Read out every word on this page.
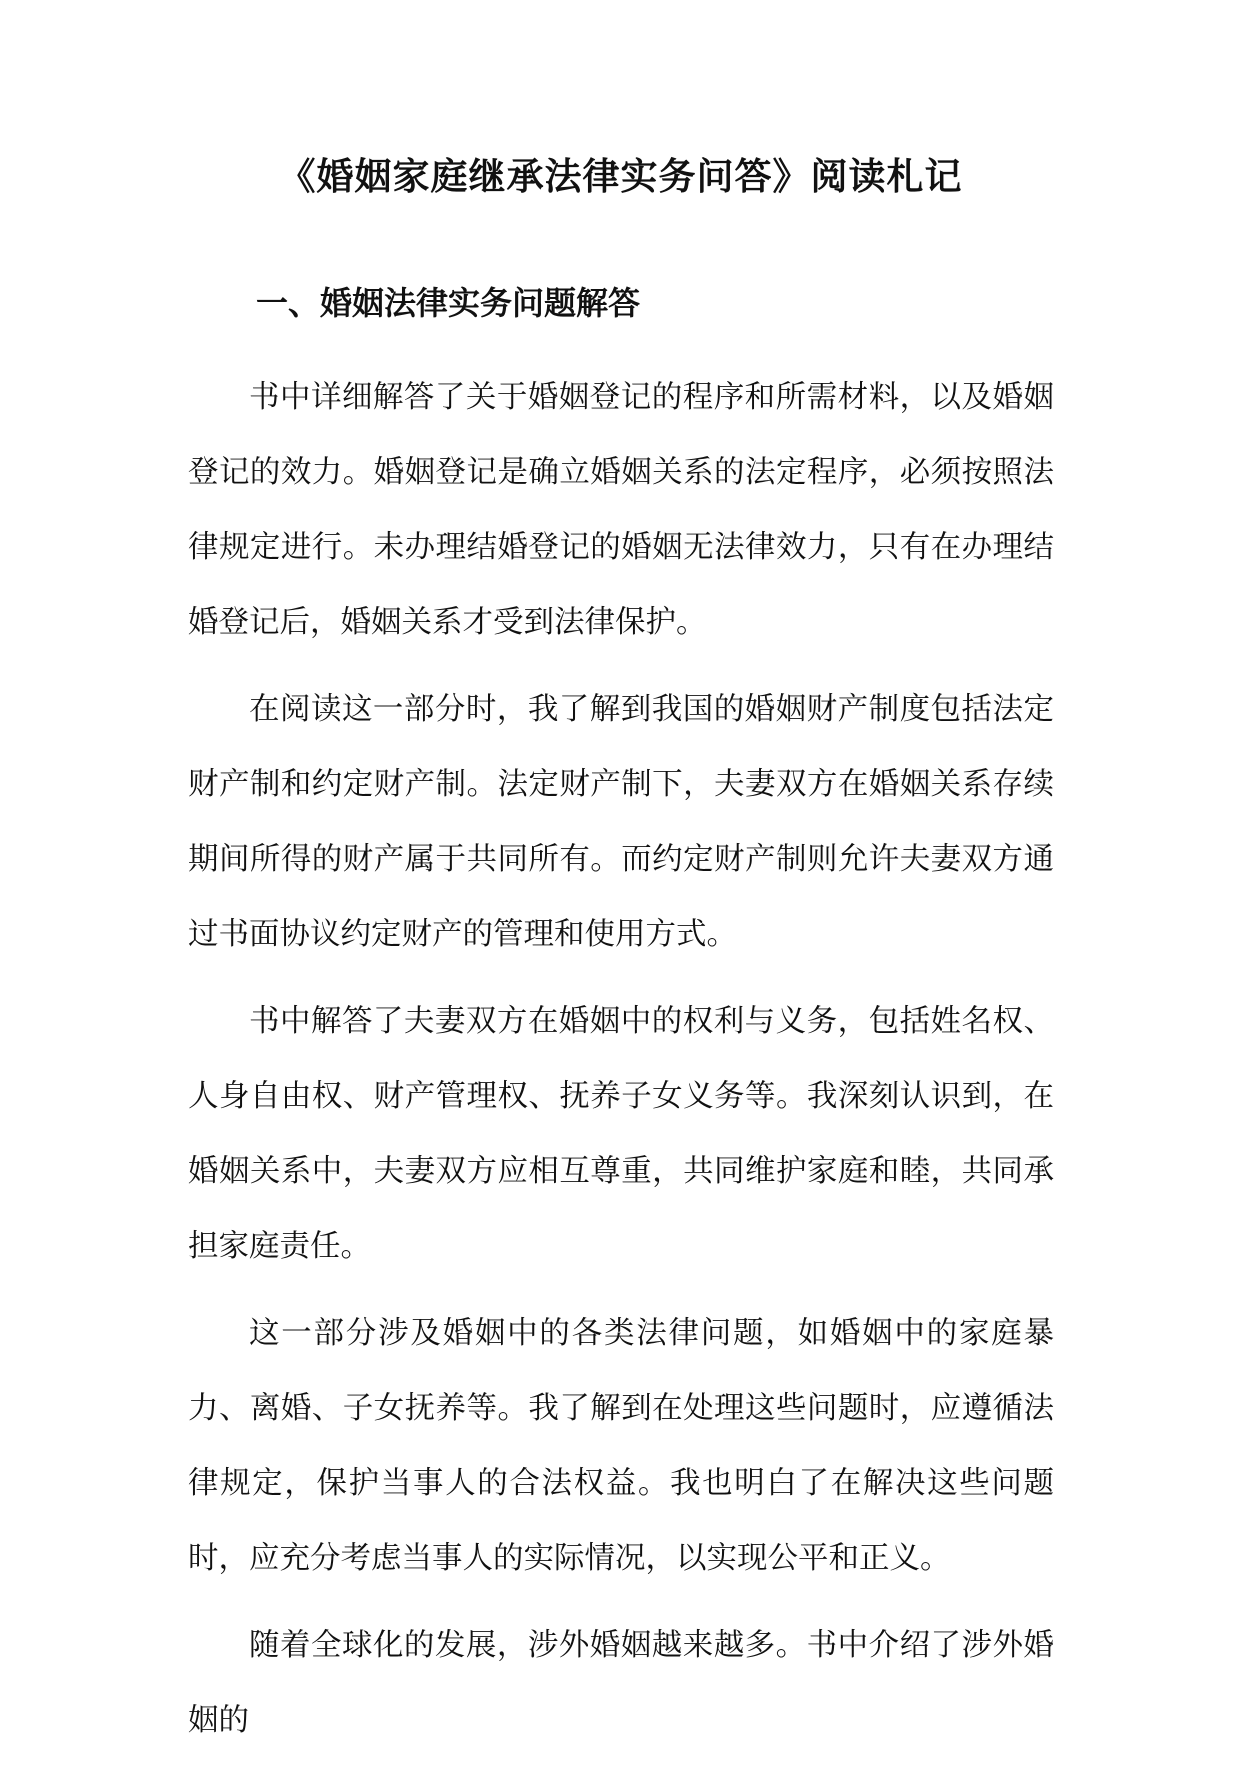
《婚姻家庭继承法律实务问答》阅读札记
一、婚姻法律实务问题解答

书中详细解答了关于婚姻登记的程序和所需材料，以及婚姻登记的效力。婚姻登记是确立婚姻关系的法定程序，必须按照法律规定进行。未办理结婚登记的婚姻无法律效力，只有在办理结婚登记后，婚姻关系才受到法律保护。

在阅读这一部分时，我了解到我国的婚姻财产制度包括法定财产制和约定财产制。法定财产制下，夫妻双方在婚姻关系存续期间所得的财产属于共同所有。而约定财产制则允许夫妻双方通过书面协议约定财产的管理和使用方式。

书中解答了夫妻双方在婚姻中的权利与义务，包括姓名权、人身自由权、财产管理权、抚养子女义务等。我深刻认识到，在婚姻关系中，夫妻双方应相互尊重，共同维护家庭和睦，共同承担家庭责任。

这一部分涉及婚姻中的各类法律问题，如婚姻中的家庭暴力、离婚、子女抚养等。我了解到在处理这些问题时，应遵循法律规定，保护当事人的合法权益。我也明白了在解决这些问题时，应充分考虑当事人的实际情况，以实现公平和正义。

随着全球化的发展，涉外婚姻越来越多。书中介绍了涉外婚姻的
